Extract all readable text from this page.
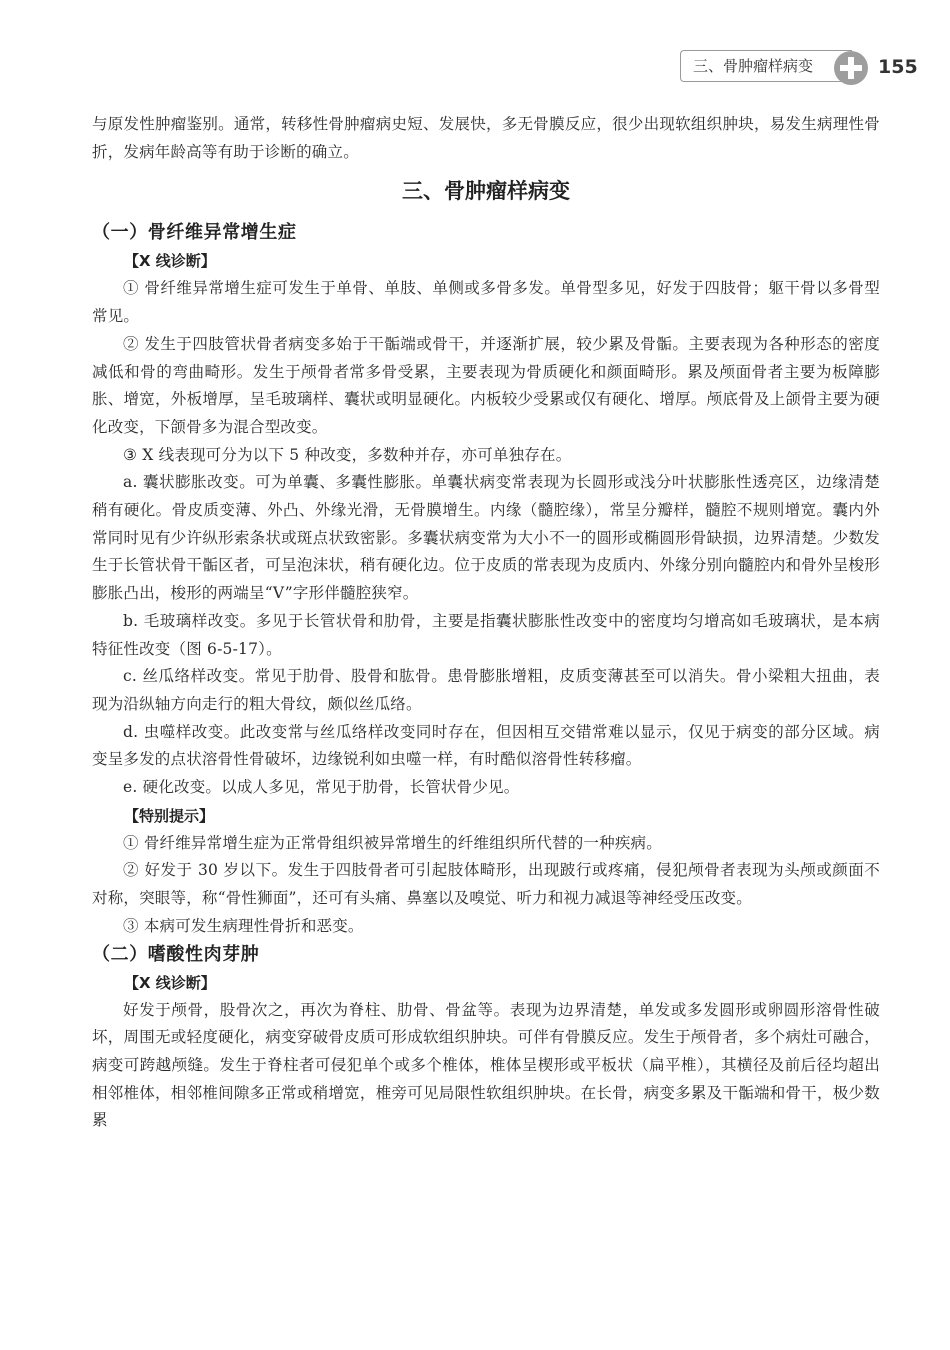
三、骨肿瘤样病变	155

与原发性肿瘤鉴别。通常，转移性骨肿瘤病史短、发展快，多无骨膜反应，很少出现软组织肿块，易发生病理性骨折，发病年龄高等有助于诊断的确立。

三、骨肿瘤样病变
（一）骨纤维异常增生症
【X 线诊断】

① 骨纤维异常增生症可发生于单骨、单肢、单侧或多骨多发。单骨型多见，好发于四肢骨；躯干骨以多骨型常见。

② 发生于四肢管状骨者病变多始于干骺端或骨干，并逐渐扩展，较少累及骨骺。主要表现为各种形态的密度减低和骨的弯曲畸形。发生于颅骨者常多骨受累，主要表现为骨质硬化和颜面畸形。累及颅面骨者主要为板障膨胀、增宽，外板增厚，呈毛玻璃样、囊状或明显硬化。内板较少受累或仅有硬化、增厚。颅底骨及上颌骨主要为硬化改变，下颌骨多为混合型改变。

③ X 线表现可分为以下 5 种改变，多数种并存，亦可单独存在。

a. 囊状膨胀改变。可为单囊、多囊性膨胀。单囊状病变常表现为长圆形或浅分叶状膨胀性透亮区，边缘清楚稍有硬化。骨皮质变薄、外凸、外缘光滑，无骨膜增生。内缘（髓腔缘），常呈分瓣样，髓腔不规则增宽。囊内外常同时见有少许纵形索条状或斑点状致密影。多囊状病变常为大小不一的圆形或椭圆形骨缺损，边界清楚。少数发生于长管状骨干骺区者，可呈泡沫状，稍有硬化边。位于皮质的常表现为皮质内、外缘分别向髓腔内和骨外呈梭形膨胀凸出，梭形的两端呈“V”字形伴髓腔狭窄。

b. 毛玻璃样改变。多见于长管状骨和肋骨，主要是指囊状膨胀性改变中的密度均匀增高如毛玻璃状，是本病特征性改变（图 6-5-17）。

c. 丝瓜络样改变。常见于肋骨、股骨和肱骨。患骨膨胀增粗，皮质变薄甚至可以消失。骨小梁粗大扭曲，表现为沿纵轴方向走行的粗大骨纹，颇似丝瓜络。

d. 虫噬样改变。此改变常与丝瓜络样改变同时存在，但因相互交错常难以显示，仅见于病变的部分区域。病变呈多发的点状溶骨性骨破坏，边缘锐利如虫噬一样，有时酷似溶骨性转移瘤。

e. 硬化改变。以成人多见，常见于肋骨，长管状骨少见。

【特别提示】

① 骨纤维异常增生症为正常骨组织被异常增生的纤维组织所代替的一种疾病。

② 好发于 30 岁以下。发生于四肢骨者可引起肢体畸形，出现跛行或疼痛，侵犯颅骨者表现为头颅或颜面不对称，突眼等，称“骨性狮面”，还可有头痛、鼻塞以及嗅觉、听力和视力减退等神经受压改变。

③ 本病可发生病理性骨折和恶变。

（二）嗜酸性肉芽肿
【X 线诊断】

好发于颅骨，股骨次之，再次为脊柱、肋骨、骨盆等。表现为边界清楚，单发或多发圆形或卵圆形溶骨性破坏，周围无或轻度硬化，病变穿破骨皮质可形成软组织肿块。可伴有骨膜反应。发生于颅骨者，多个病灶可融合，病变可跨越颅缝。发生于脊柱者可侵犯单个或多个椎体，椎体呈楔形或平板状（扁平椎），其横径及前后径均超出相邻椎体，相邻椎间隙多正常或稍增宽，椎旁可见局限性软组织肿块。在长骨，病变多累及干骺端和骨干，极少数累
